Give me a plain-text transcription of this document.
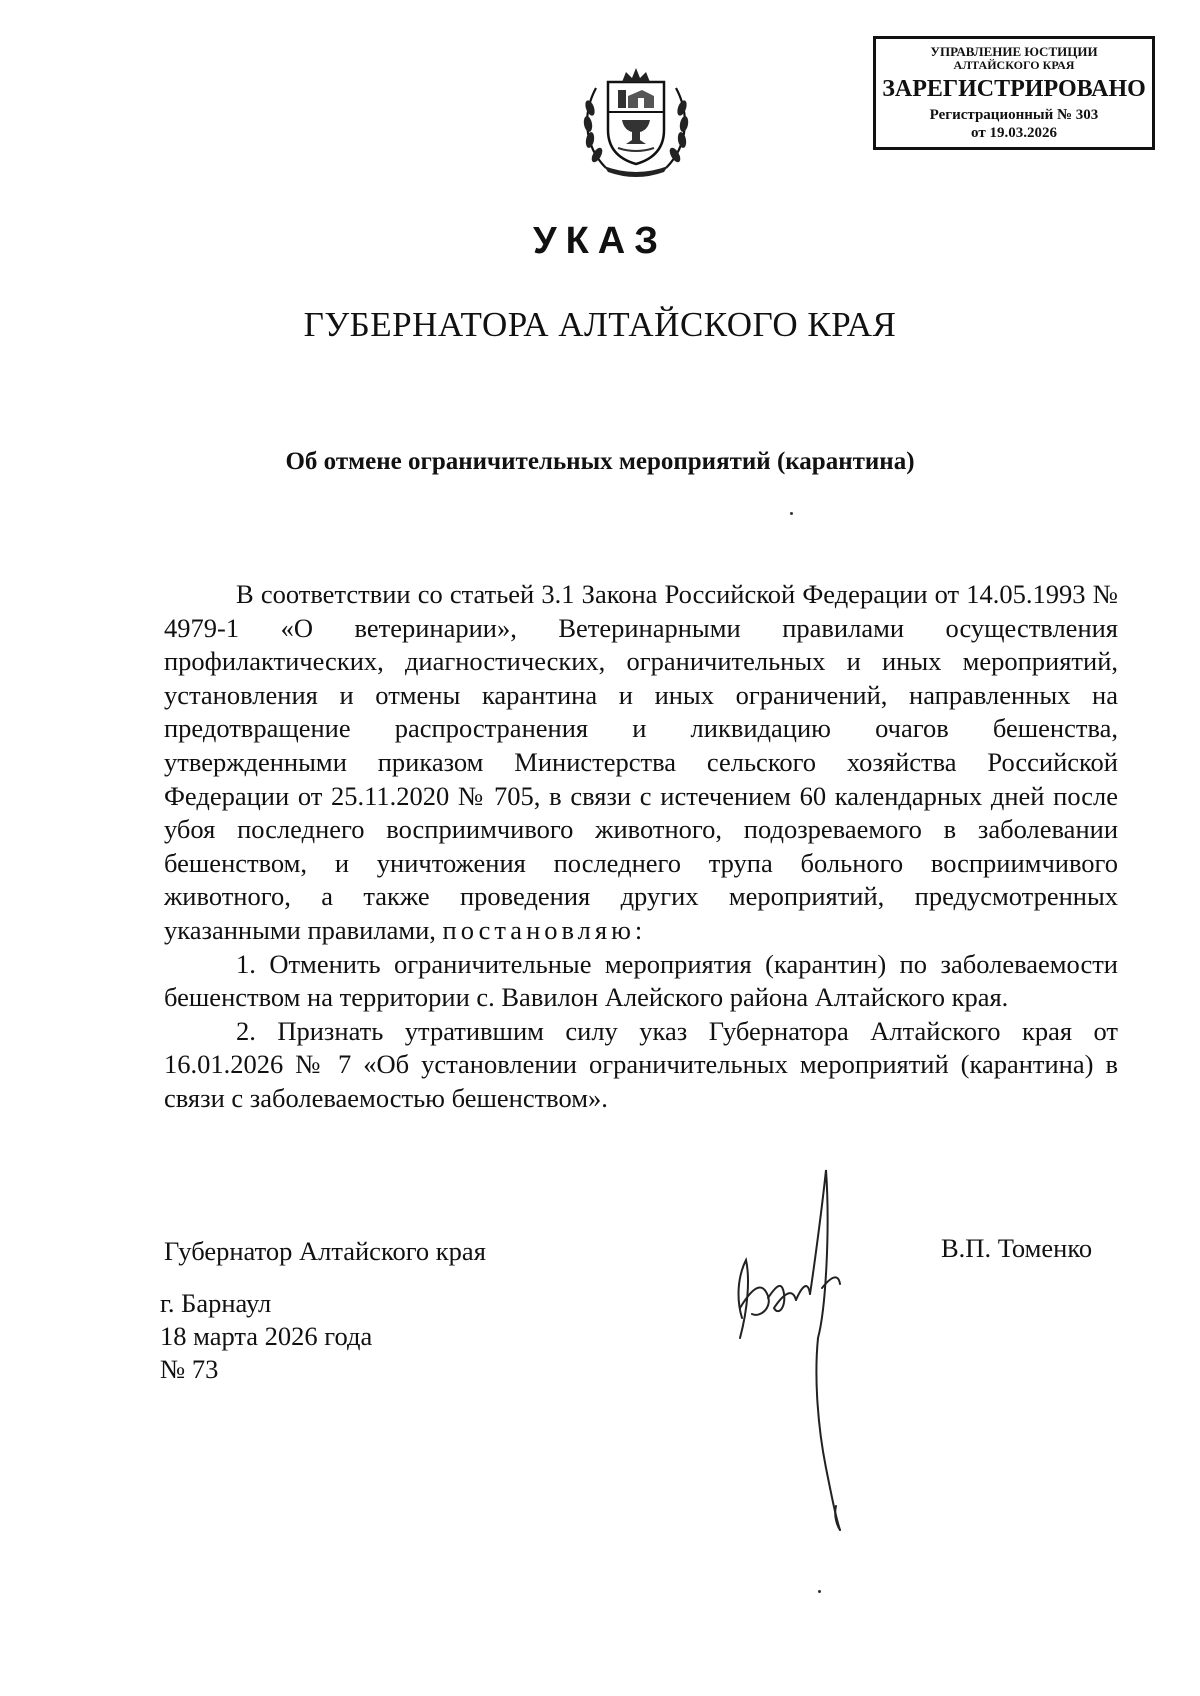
УПРАВЛЕНИЕ ЮСТИЦИИ
АЛТАЙСКОГО КРАЯ
ЗАРЕГИСТРИРОВАНО
Регистрационный № 303
от 19.03.2026
УКАЗ
ГУБЕРНАТОРА АЛТАЙСКОГО КРАЯ
Об отмене ограничительных мероприятий (карантина)

В соответствии со статьей 3.1 Закона Российской Федерации от 14.05.1993 № 4979-1 «О ветеринарии», Ветеринарными правилами осуществления профилактических, диагностических, ограничительных и иных мероприятий, установления и отмены карантина и иных ограничений, направленных на предотвращение распространения и ликвидацию очагов бешенства, утвержденными приказом Министерства сельского хозяйства Российской Федерации от 25.11.2020 № 705, в связи с истечением 60 календарных дней после убоя последнего восприимчивого животного, подозреваемого в заболевании бешенством, и уничтожения последнего трупа больного восприимчивого животного, а также проведения других мероприятий, предусмотренных указанными правилами, постановляю:

1. Отменить ограничительные мероприятия (карантин) по заболеваемости бешенством на территории с. Вавилон Алейского района Алтайского края.

2. Признать утратившим силу указ Губернатора Алтайского края от 16.01.2026 № 7 «Об установлении ограничительных мероприятий (карантина) в связи с заболеваемостью бешенством».

Губернатор Алтайского края	В.П. Томенко
г. Барнаул
18 марта 2026 года
№ 73
